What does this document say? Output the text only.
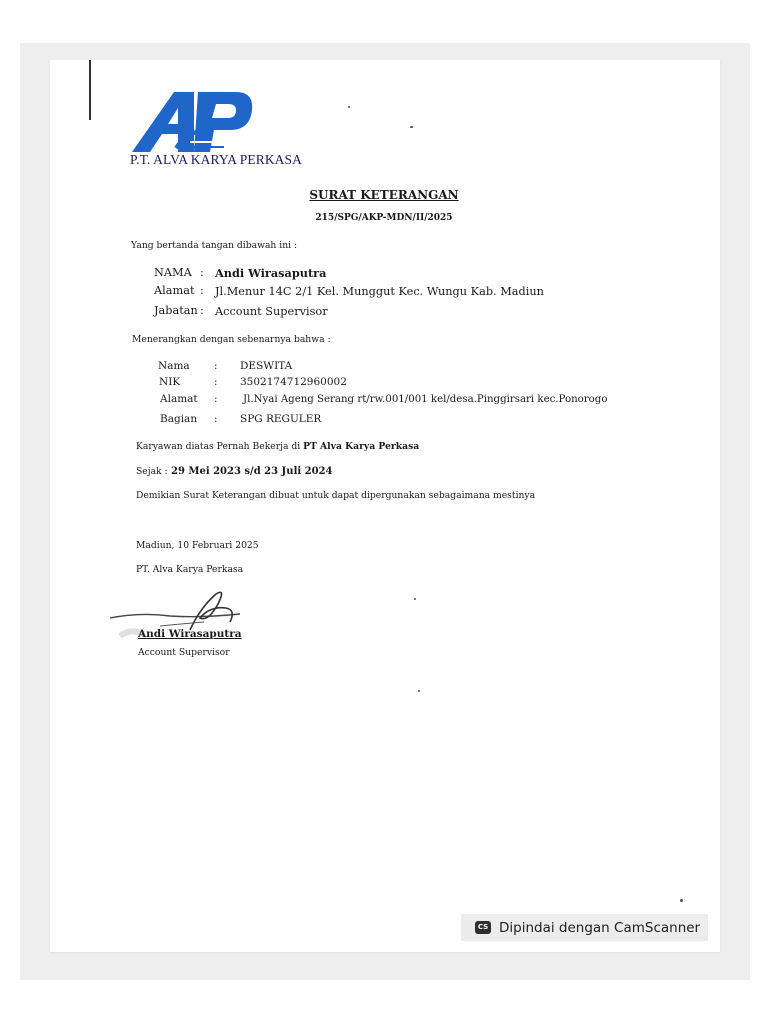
P.T. ALVA KARYA PERKASA
SURAT KETERANGAN
215/SPG/AKP-MDN/II/2025
Yang bertanda tangan dibawah ini :
NAMA : Andi Wirasaputra
Alamat : Jl.Menur 14C 2/1 Kel. Munggut Kec. Wungu Kab. Madiun
Jabatan : Account Supervisor
Menerangkan dengan sebenarnya bahwa :
Nama : DESWITA
NIK	: 3502174712960002
Alamat : Jl.Nyai Ageng Serang rt/rw.001/001 kel/desa.Pinggirsari kec.Ponorogo
Bagian : SPG REGULER
Karyawan diatas Pernah Bekerja di PT Alva Karya Perkasa
Sejak : 29 Mei 2023 s/d 23 Juli 2024
Demikian Surat Keterangan dibuat untuk dapat dipergunakan sebagaimana mestinya
Madiun, 10 Februari 2025
PT. Alva Karya Perkasa
Andi Wirasaputra
Account Supervisor
CS Dipindai dengan CamScanner
